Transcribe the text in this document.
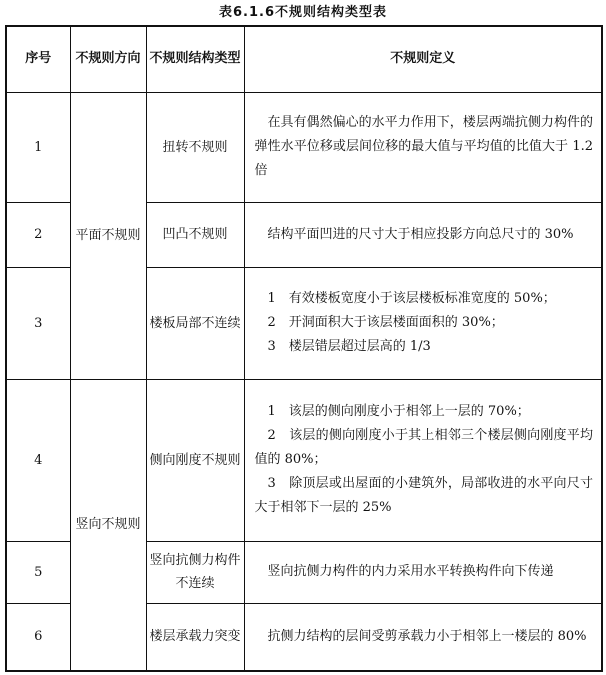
表6.1.6不规则结构类型表
序号	不规则方向	不规则结构类型	不规则定义
1	平面不规则	扭转不规则	在具有偶然偏心的水平力作用下，楼层两端抗侧力构件的弹性水平位移或层间位移的最大值与平均值的比值大于 1.2 倍

2		凹凸不规则	结构平面凹进的尺寸大于相应投影方向总尺寸的 30%

3		楼板局部不连续	1　有效楼板宽度小于该层楼板标准宽度的 50%；
2　开洞面积大于该层楼面面积的 30%；
3　楼层错层超过层高的 1/3

4	竖向不规则	侧向刚度不规则	1　该层的侧向刚度小于相邻上一层的 70%；
2　该层的侧向刚度小于其上相邻三个楼层侧向刚度平均值的 80%；
3　除顶层或出屋面的小建筑外，局部收进的水平向尺寸大于相邻下一层的 25%

5		竖向抗侧力构件不连续	竖向抗侧力构件的内力采用水平转换构件向下传递

6		楼层承载力突变	抗侧力结构的层间受剪承载力小于相邻上一楼层的 80%
